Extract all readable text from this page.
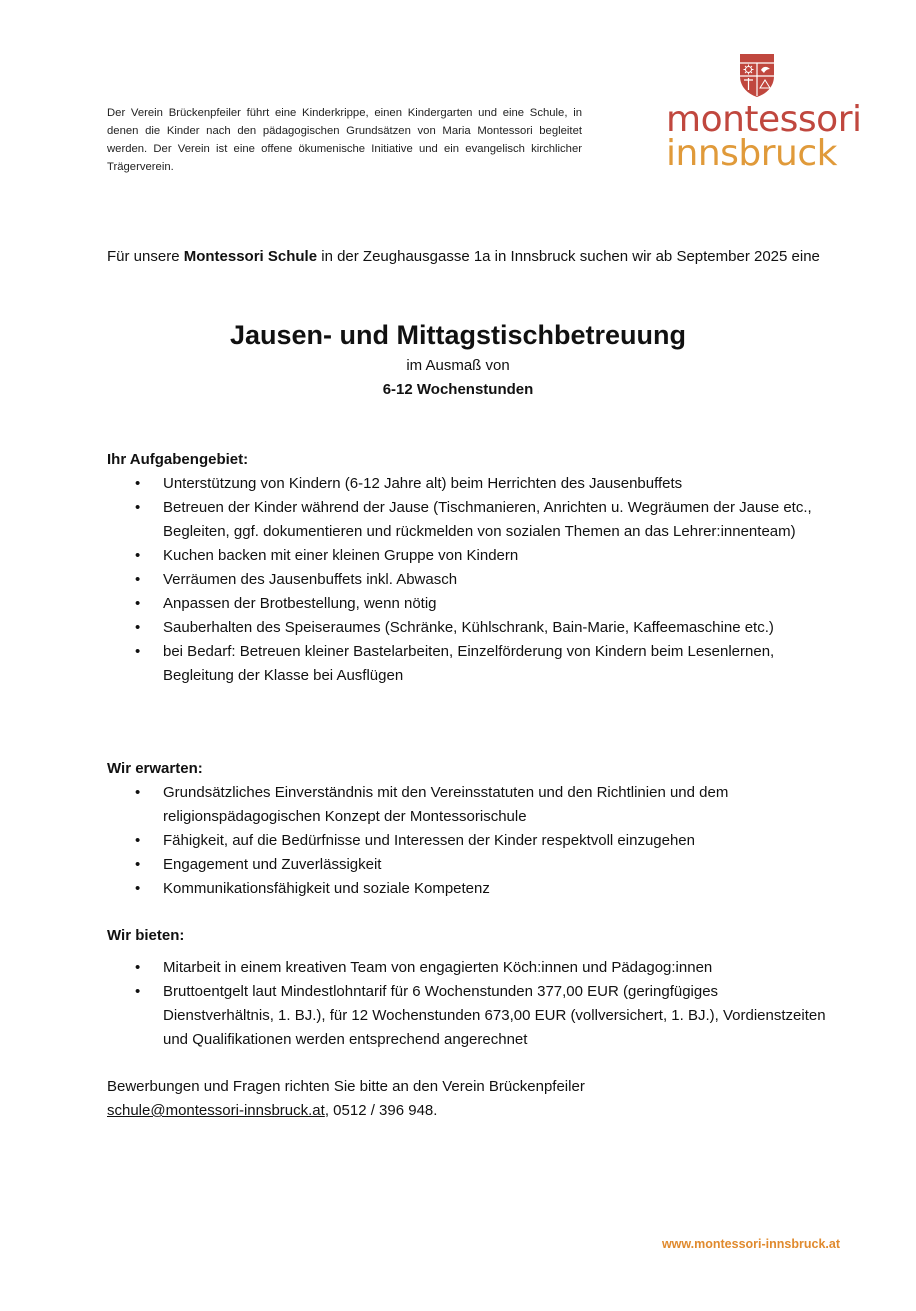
Der Verein Brückenpfeiler führt eine Kinderkrippe, einen Kindergarten und eine Schule, in denen die Kinder nach den pädagogischen Grundsätzen von Maria Montessori begleitet werden. Der Verein ist eine offene ökumenische Initiative und ein evangelisch kirchlicher Trägerverein.
montessori
innsbruck
Für unsere Montessori Schule in der Zeughausgasse 1a in Innsbruck suchen wir ab September 2025 eine
Jausen- und Mittagstischbetreuung
im Ausmaß von
6-12 Wochenstunden
Ihr Aufgabengebiet:
• Unterstützung von Kindern (6-12 Jahre alt) beim Herrichten des Jausenbuffets
• Betreuen der Kinder während der Jause (Tischmanieren, Anrichten u. Wegräumen der Jause etc., Begleiten, ggf. dokumentieren und rückmelden von sozialen Themen an das Lehrer:innenteam)
• Kuchen backen mit einer kleinen Gruppe von Kindern
• Verräumen des Jausenbuffets inkl. Abwasch
• Anpassen der Brotbestellung, wenn nötig
• Sauberhalten des Speiseraumes (Schränke, Kühlschrank, Bain-Marie, Kaffeemaschine etc.)
• bei Bedarf: Betreuen kleiner Bastelarbeiten, Einzelförderung von Kindern beim Lesenlernen, Begleitung der Klasse bei Ausflügen
Wir erwarten:
• Grundsätzliches Einverständnis mit den Vereinsstatuten und den Richtlinien und dem religionspädagogischen Konzept der Montessorischule
• Fähigkeit, auf die Bedürfnisse und Interessen der Kinder respektvoll einzugehen
• Engagement und Zuverlässigkeit
• Kommunikationsfähigkeit und soziale Kompetenz
Wir bieten:
• Mitarbeit in einem kreativen Team von engagierten Köch:innen und Pädagog:innen
• Bruttoentgelt laut Mindestlohntarif für 6 Wochenstunden 377,00 EUR (geringfügiges Dienstverhältnis, 1. BJ.), für 12 Wochenstunden 673,00 EUR (vollversichert, 1. BJ.), Vordienstzeiten und Qualifikationen werden entsprechend angerechnet
Bewerbungen und Fragen richten Sie bitte an den Verein Brückenpfeiler
schule@montessori-innsbruck.at, 0512 / 396 948.
www.montessori-innsbruck.at
